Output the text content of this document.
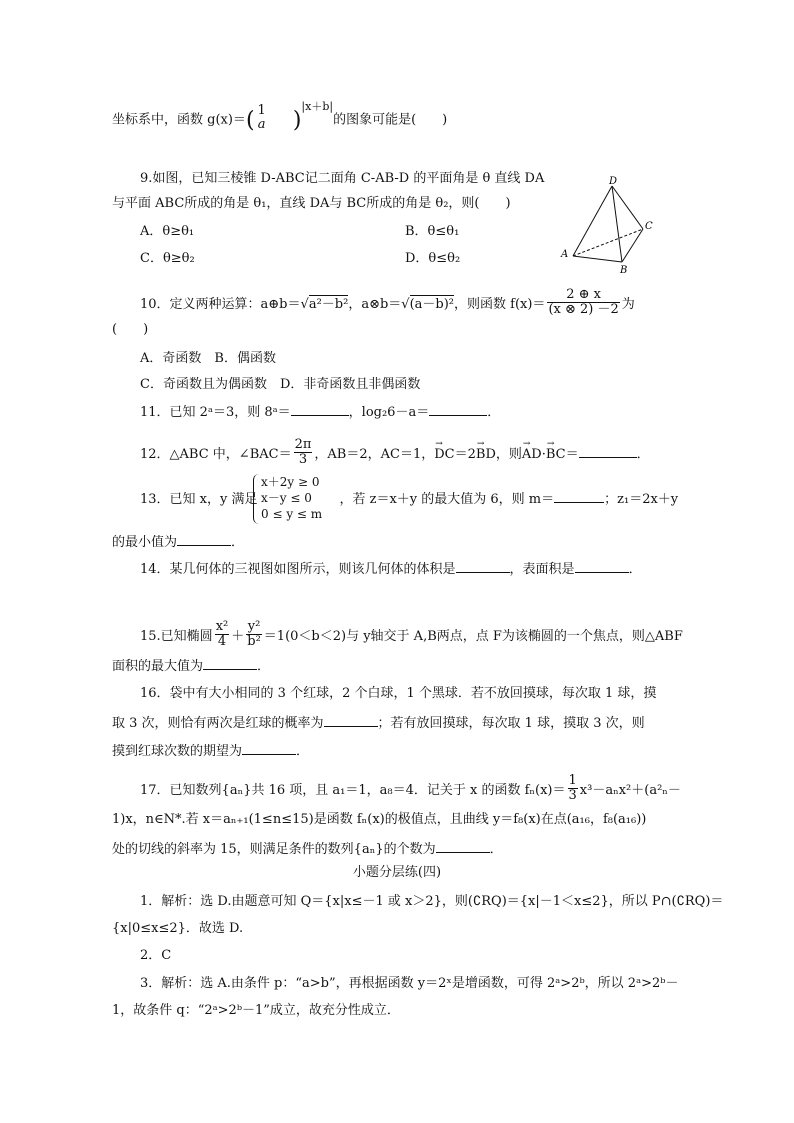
坐标系中，函数 g(x)＝( 1
a )$^{|x+b|}$的图象可能是(　　)
9.如图，已知三棱锥 D-ABC记二面角 C-AB-D 的平面角是 θ 直线 DA
与平面 ABC所成的角是 θ₁，直线 DA与 BC所成的角是 θ₂，则(　　)
A．θ≥θ₁	B．θ≤θ₁
C．θ≥θ₂	D．θ≤θ₂
D
C
A
B
10．定义两种运算：a⊕b＝√a²－b²，a⊗b＝√(a－b)²，则函数 $f(x)= \frac{2 \oplus x}{(x \otimes 2) -2}$ 为
(　　)
A．奇函数　B．偶函数
C．奇函数且为偶函数　D．非奇函数且非偶函数
11．已知 2ᵃ＝3，则 8ᵃ＝	，log₂6－a＝	．
12．△ABC 中，∠BAC＝ $\frac{2\pi}{3}$ ，AB＝2，AC＝1，→ DC＝2→ BD，则→ AD·→ BC＝	．
13．已知 x，y 满足	，若 z＝x＋y 的最大值为 6，则 m＝	；z₁＝2x＋y
x＋2y ≥ 0
x－y ≤ 0
0 ≤ y ≤ m
的最小值为	．
14．某几何体的三视图如图所示，则该几何体的体积是	，表面积是	．
15.已知椭圆 $\frac{\text{x²}}{4} + \frac{\text{y²}}{\text{b²}} =1(0<b<2)$与 y轴交于 A,B两点，点 F为该椭圆的一个焦点，则△ABF
面积的最大值为	．
16．袋中有大小相同的 3 个红球，2 个白球，1 个黑球．若不放回摸球，每次取 1 球，摸
取 3 次，则恰有两次是红球的概率为	；若有放回摸球，每次取 1 球，摸取 3 次，则
摸到红球次数的期望为	．
17．已知数列{aₙ}共 16 项，且 a₁＝1，a₈＝4．记关于 x 的函数 $f_n(x)= \frac{1}{3} x^3-a_nx^2+(a^2_n-$
1)x，n∈N*.若 x＝aₙ₊₁(1≤n≤15)是函数 fₙ(x)的极值点，且曲线 y＝f₈(x)在点(a₁₆，f₈(a₁₆))
处的切线的斜率为 15，则满足条件的数列{aₙ}的个数为	．
小题分层练(四)
1．解析：选 D.由题意可知 Q＝{x|x≤－1 或 x＞2}，则(∁RQ)＝{x|－1＜x≤2}，所以 P∩(∁RQ)＝
{x|0≤x≤2}．故选 D.
2．C
3．解析：选 A.由条件 p：“a>b”，再根据函数 y＝2ˣ是增函数，可得 2ᵃ>2ᵇ，所以 2ᵃ>2ᵇ－
1，故条件 q：“2ᵃ>2ᵇ－1”成立，故充分性成立．
